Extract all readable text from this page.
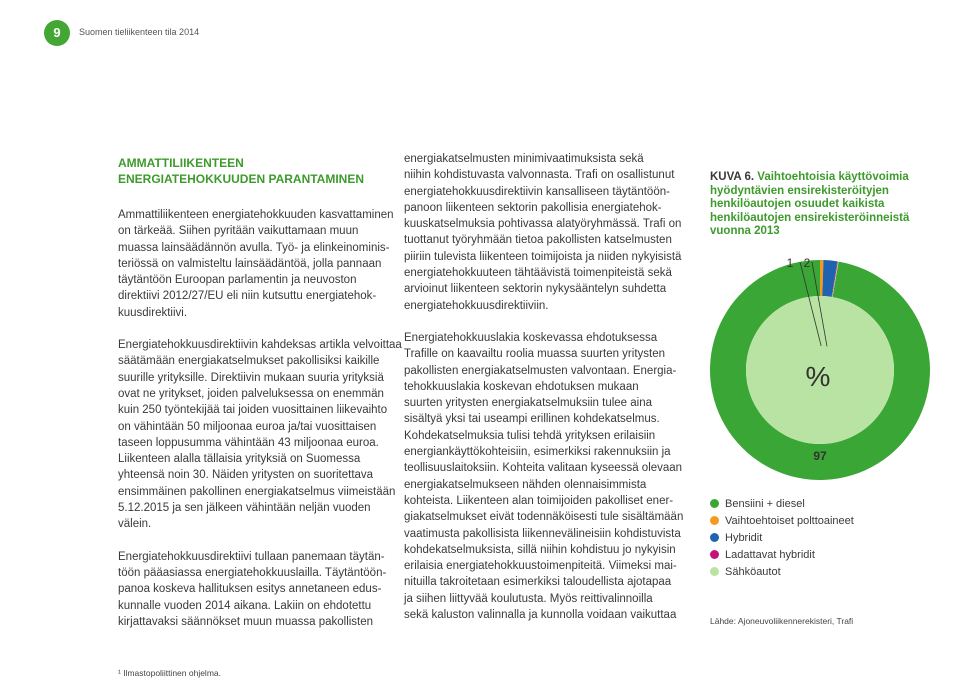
9	Suomen tieliikenteen tila 2014
AMMATTILIIKENTEEN
ENERGIATEHOKKUUDEN PARANTAMINEN

Ammattiliikenteen energiatehokkuuden kasvattaminen
on tärkeää. Siihen pyritään vaikuttamaan muun
muassa lainsäädännön avulla. Työ- ja elinkeinominis-
teriössä on valmisteltu lainsäädäntöä, jolla pannaan
täytäntöön Euroopan parlamentin ja neuvoston
direktiivi 2012/27/EU eli niin kutsuttu energiatehok-
kuusdirektiivi.

Energiatehokkuusdirektiivin kahdeksas artikla velvoittaa
säätämään energiakatselmukset pakollisiksi kaikille
suurille yrityksille. Direktiivin mukaan suuria yrityksiä
ovat ne yritykset, joiden palveluksessa on enemmän
kuin 250 työntekijää tai joiden vuosittainen liikevaihto
on vähintään 50 miljoonaa euroa ja/tai vuosittaisen
taseen loppusumma vähintään 43 miljoonaa euroa.
Liikenteen alalla tällaisia yrityksiä on Suomessa
yhteensä noin 30. Näiden yritysten on suoritettava
ensimmäinen pakollinen energiakatselmus viimeistään
5.12.2015 ja sen jälkeen vähintään neljän vuoden
välein.

Energiatehokkuusdirektiivi tullaan panemaan täytän-
töön pääasiassa energiatehokkuuslailla. Täytäntöön-
panoa koskeva hallituksen esitys annetaneen edus-
kunnalle vuoden 2014 aikana. Lakiin on ehdotettu
kirjattavaksi säännökset muun muassa pakollisten

energiakatselmusten minimivaatimuksista sekä
niihin kohdistuvasta valvonnasta. Trafi on osallistunut
energiatehokkuusdirektiivin kansalliseen täytäntöön-
panoon liikenteen sektorin pakollisia energiatehok-
kuuskatselmuksia pohtivassa alatyöryhmässä. Trafi on
tuottanut työryhmään tietoa pakollisten katselmusten
piiriin tulevista liikenteen toimijoista ja niiden nykyisistä
energiatehokkuuteen tähtäävistä toimenpiteistä sekä
arvioinut liikenteen sektorin nykysääntelyn suhdetta
energiatehokkuusdirektiiviin.

Energiatehokkuuslakia koskevassa ehdotuksessa
Trafille on kaavailtu roolia muassa suurten yritysten
pakollisten energiakatselmusten valvontaan. Energia-
tehokkuuslakia koskevan ehdotuksen mukaan
suurten yritysten energiakatselmuksiin tulee aina
sisältyä yksi tai useampi erillinen kohdekatselmus.
Kohdekatselmuksia tulisi tehdä yrityksen erilaisiin
energiankäyttökohteisiin, esimerkiksi rakennuksiin ja
teollisuuslaitoksiin. Kohteita valitaan kyseessä olevaan
energiakatselmukseen nähden olennaisimmista
kohteista. Liikenteen alan toimijoiden pakolliset ener-
giakatselmukset eivät todennäköisesti tule sisältämään
vaatimusta pakollisista liikennevälineisiin kohdistuvista
kohdekatselmuksista, sillä niihin kohdistuu jo nykyisin
erilaisia energiatehokkuustoimenpiteitä. Viimeksi mai-
nituilla takroitetaan esimerkiksi taloudellista ajotapaa
ja siihen liittyvää koulutusta. Myös reittivalinnoilla
sekä kaluston valinnalla ja kunnolla voidaan vaikuttaa

KUVA 6. Vaihtoehtoisia käyttövoimia
hyödyntävien ensirekisteröityjen
henkilöautojen osuudet kaikista
henkilöautojen ensirekisteröinneistä
vuonna 2013
1 2
%
97
Bensiini + diesel
Vaihtoehtoiset polttoaineet
Hybridit
Ladattavat hybridit
Sähköautot
Lähde: Ajoneuvoliikennerekisteri, Trafi
¹ Ilmastopoliittinen ohjelma.
